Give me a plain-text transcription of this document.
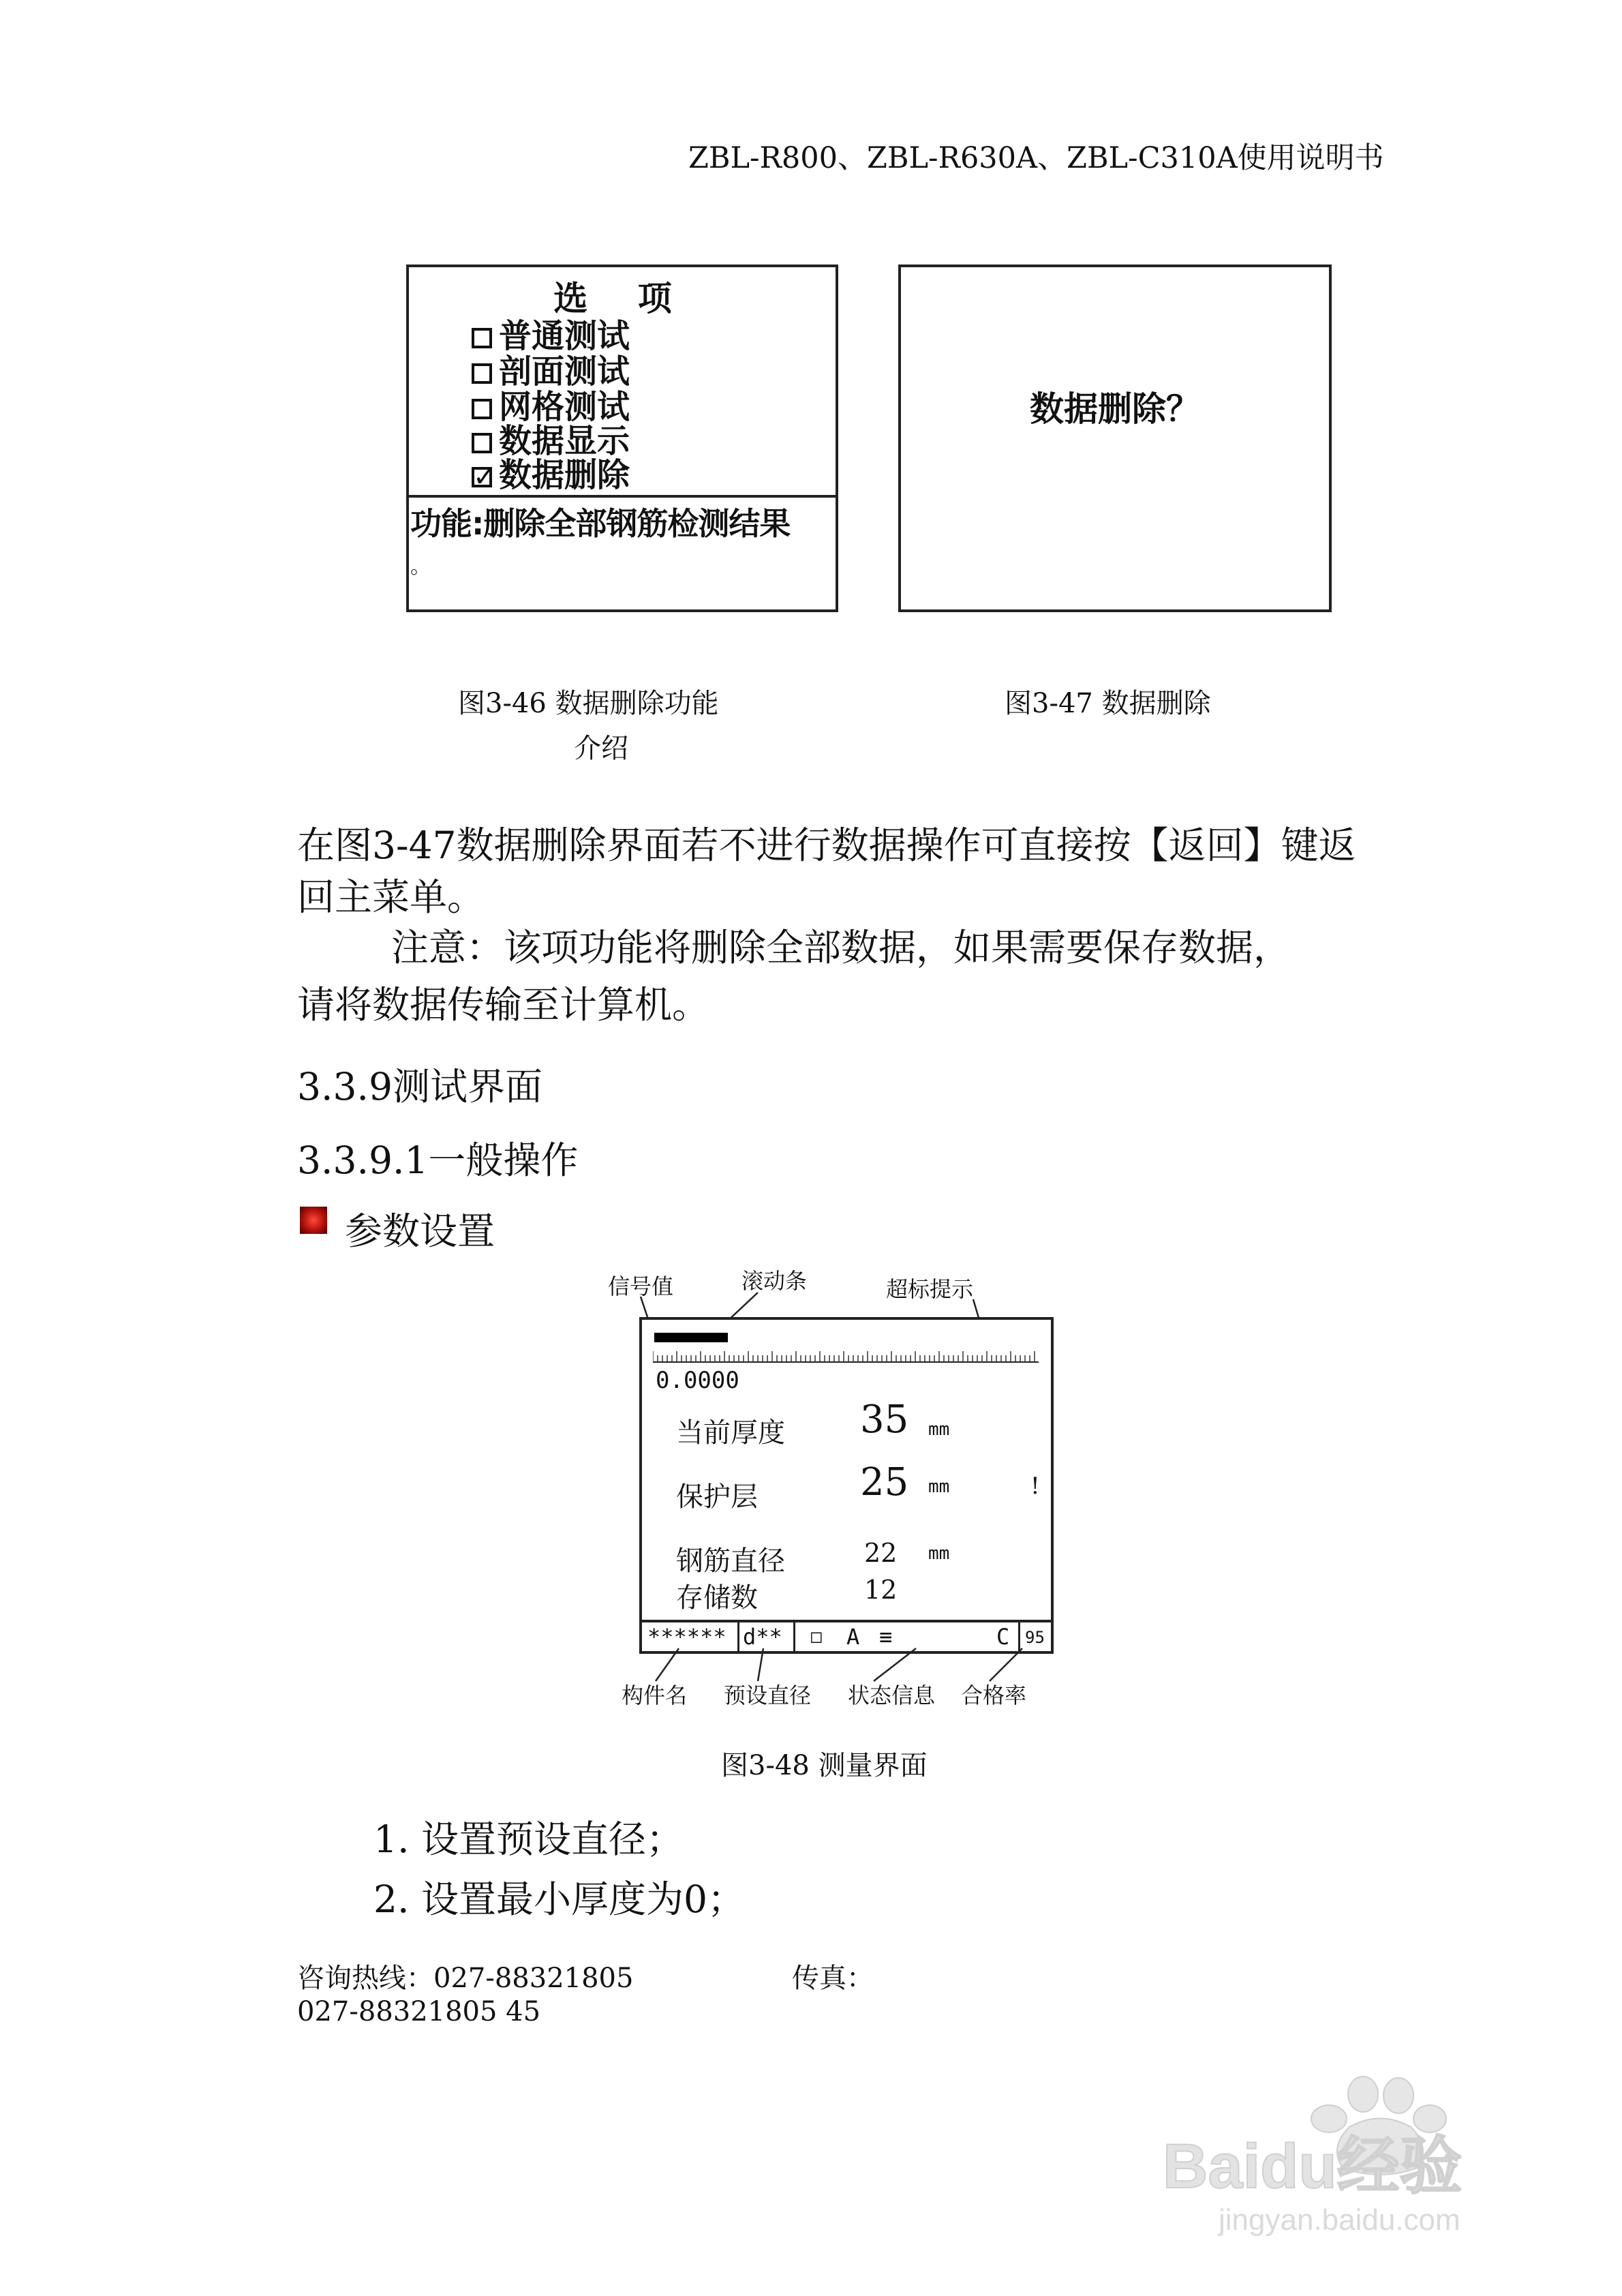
ZBL-R800、ZBL-R630A、ZBL-C310A使用说明书
选 项
普通测试
剖面测试
网格测试
数据显示
✓数据删除
功能:删除全部钢筋检测结果
。
数据删除？
图3-46 数据删除功能
介绍
图3-47 数据删除
在图3-47数据删除界面若不进行数据操作可直接按【返回】键返
回主菜单。
注意：该项功能将删除全部数据，如果需要保存数据，
请将数据传输至计算机。
3.3.9测试界面
3.3.9.1一般操作
参数设置
信号值	滚动条	超标提示
0.0000
当前厚度 35 mm
保护层	25 mm	!
钢筋直径	22 mm
存储数	12
****** d** □ A ≡	C 95
构件名 预设直径 状态信息 合格率
图3-48 测量界面
1. 设置预设直径；
2. 设置最小厚度为0；
咨询热线：027-88321805	传真：
027-88321805 45
Baidu经验
jingyan.baidu.com
